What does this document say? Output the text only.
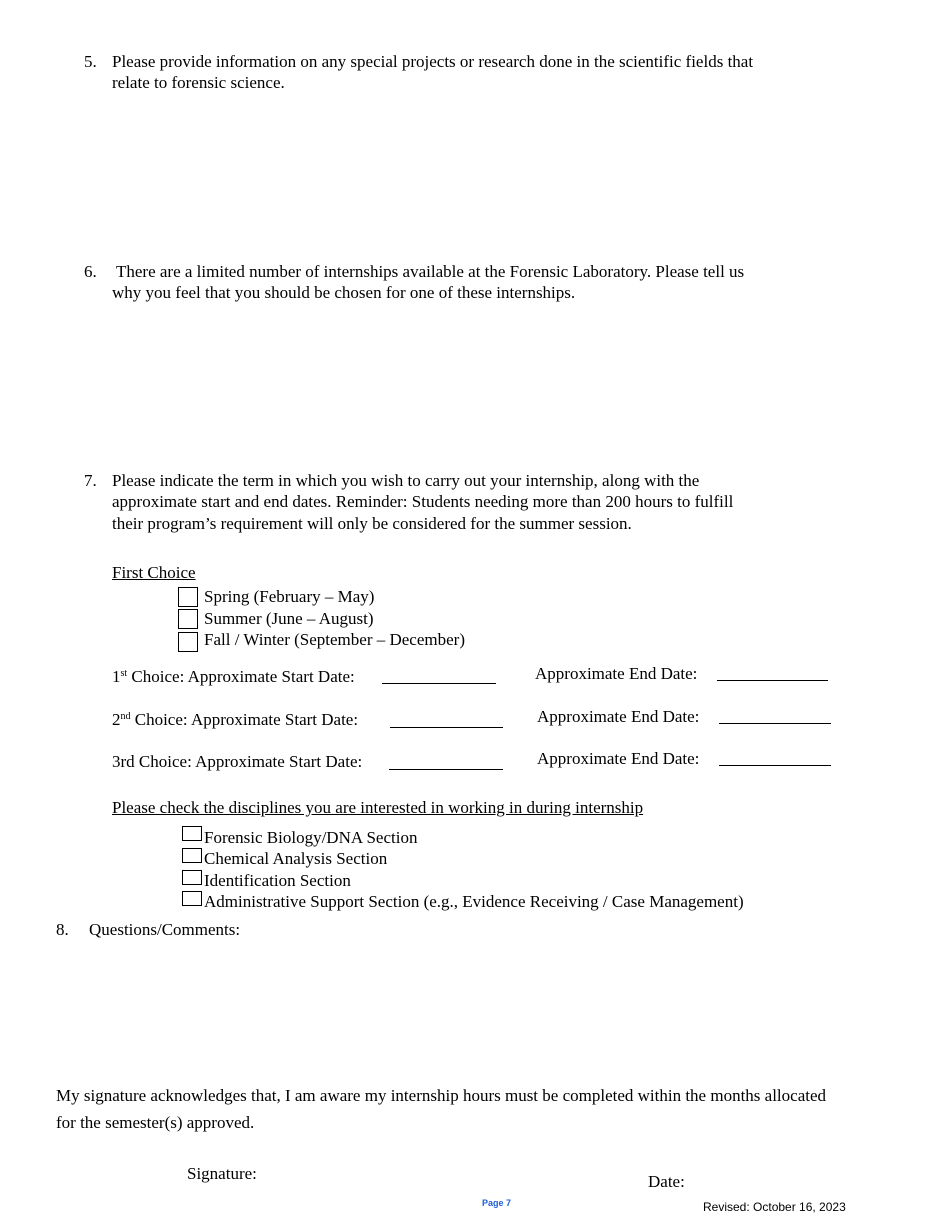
5. Please provide information on any special projects or research done in the scientific fields that
relate to forensic science.
6. There are a limited number of internships available at the Forensic Laboratory. Please tell us
why you feel that you should be chosen for one of these internships.
7. Please indicate the term in which you wish to carry out your internship, along with the
approximate start and end dates. Reminder: Students needing more than 200 hours to fulfill
their program’s requirement will only be considered for the summer session.
First Choice
Spring (February – May)
Summer (June – August)
Fall / Winter (September – December)
1st Choice: Approximate Start Date:	Approximate End Date:
2nd Choice: Approximate Start Date:	Approximate End Date:
3rd Choice: Approximate Start Date:	Approximate End Date:
Please check the disciplines you are interested in working in during internship
Forensic Biology/DNA Section
Chemical Analysis Section
Identification Section
Administrative Support Section (e.g., Evidence Receiving / Case Management)
8. Questions/Comments:
My signature acknowledges that, I am aware my internship hours must be completed within the months allocated
for the semester(s) approved.
Signature:	Date:
Page 7	Revised: October 16, 2023
